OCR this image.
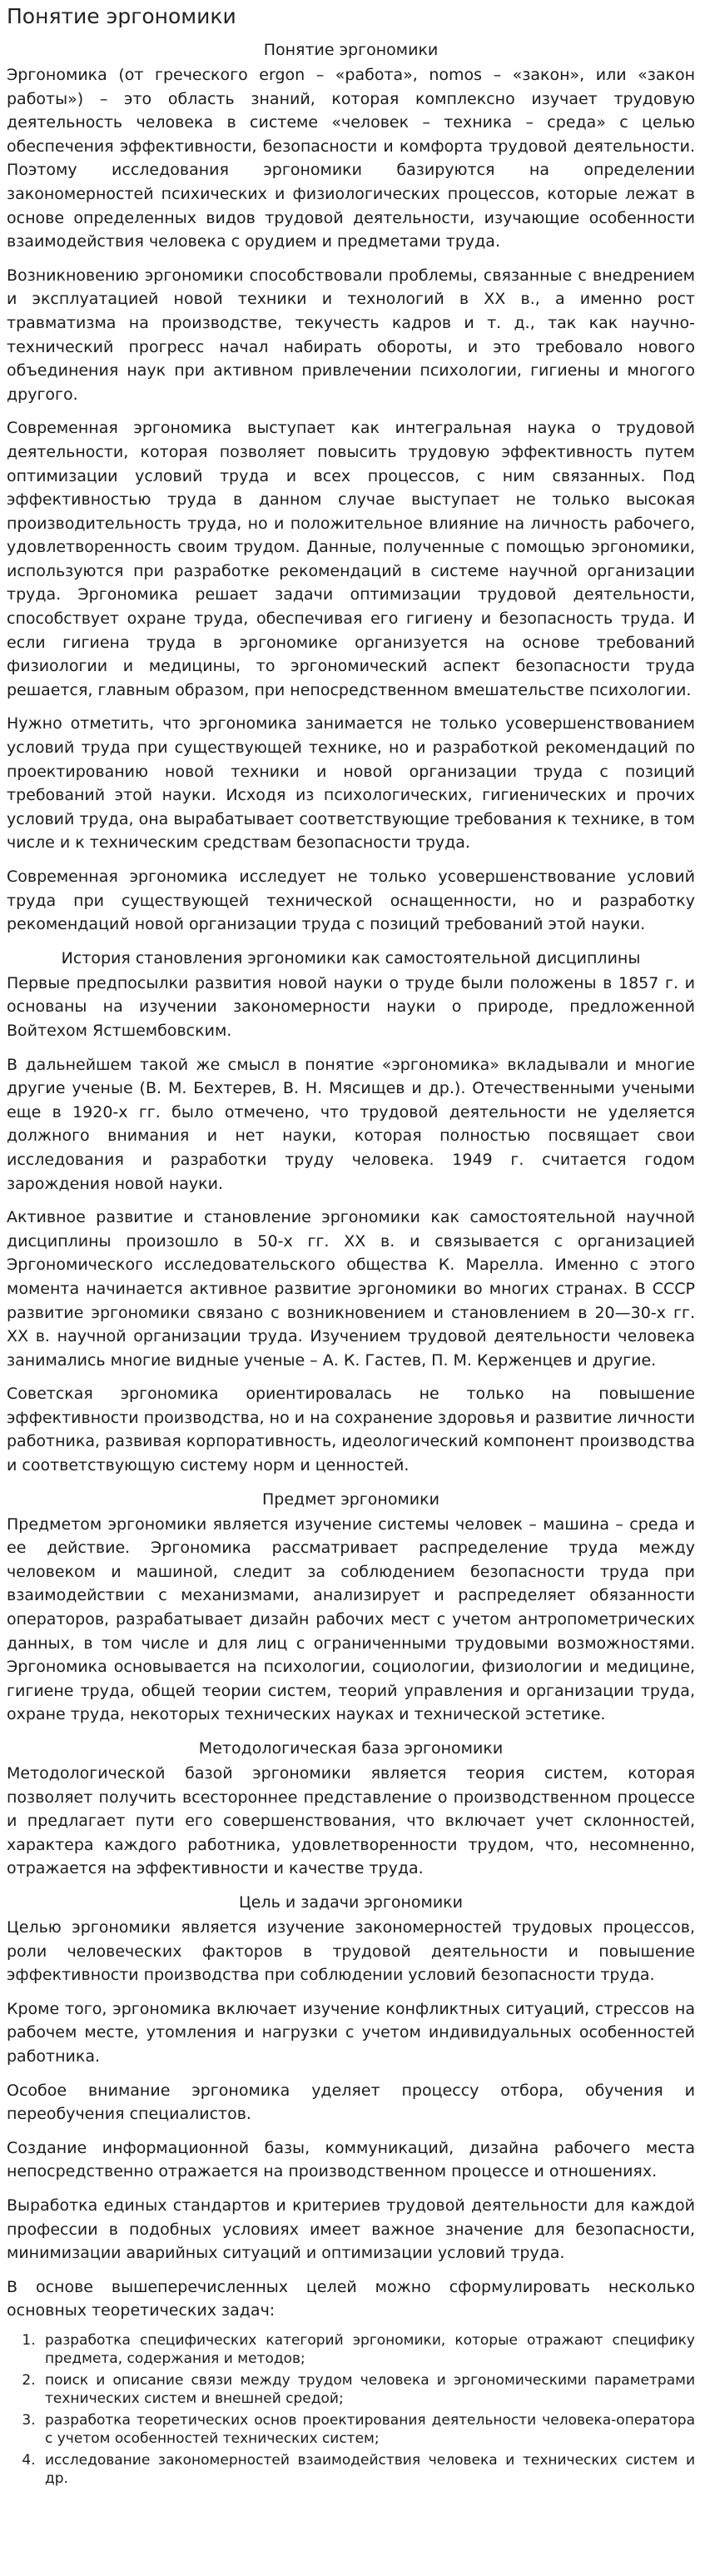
Понятие эргономики
Понятие эргономики

Эргономика (от греческого ergon – «работа», nomos – «закон», или «закон работы») – это область знаний, которая комплексно изучает трудовую деятельность человека в системе «человек – техника – среда» с целью обеспечения эффективности, безопасности и комфорта трудовой деятельности. Поэтому исследования эргономики базируются на определении закономерностей психических и физиологических процессов, которые лежат в основе определенных видов трудовой деятельности, изучающие особенности взаимодействия человека с орудием и предметами труда.

Возникновению эргономики способствовали проблемы, связанные с внедрением и эксплуатацией новой техники и технологий в XX в., а именно рост травматизма на производстве, текучесть кадров и т. д., так как научно-технический прогресс начал набирать обороты, и это требовало нового объединения наук при активном привлечении психологии, гигиены и многого другого.

Современная эргономика выступает как интегральная наука о трудовой деятельности, которая позволяет повысить трудовую эффективность путем оптимизации условий труда и всех процессов, с ним связанных. Под эффективностью труда в данном случае выступает не только высокая производительность труда, но и положительное влияние на личность рабочего, удовлетворенность своим трудом. Данные, полученные с помощью эргономики, используются при разработке рекомендаций в системе научной организации труда. Эргономика решает задачи оптимизации трудовой деятельности, способствует охране труда, обеспечивая его гигиену и безопасность труда. И если гигиена труда в эргономике организуется на основе требований физиологии и медицины, то эргономический аспект безопасности труда решается, главным образом, при непосредственном вмешательстве психологии.

Нужно отметить, что эргономика занимается не только усовершенствованием условий труда при существующей технике, но и разработкой рекомендаций по проектированию новой техники и новой организации труда с позиций требований этой науки. Исходя из психологических, гигиенических и прочих условий труда, она вырабатывает соответствующие требования к технике, в том числе и к техническим средствам безопасности труда.

Современная эргономика исследует не только усовершенствование условий труда при существующей технической оснащенности, но и разработку рекомендаций новой организации труда с позиций требований этой науки.

История становления эргономики как самостоятельной дисциплины

Первые предпосылки развития новой науки о труде были положены в 1857 г. и основаны на изучении закономерности науки о природе, предложенной Войтехом Ястшембовским.

В дальнейшем такой же смысл в понятие «эргономика» вкладывали и многие другие ученые (В. М. Бехтерев, В. Н. Мясищев и др.). Отечественными учеными еще в 1920-х гг. было отмечено, что трудовой деятельности не уделяется должного внимания и нет науки, которая полностью посвящает свои исследования и разработки труду человека. 1949 г. считается годом зарождения новой науки.

Активное развитие и становление эргономики как самостоятельной научной дисциплины произошло в 50-х гг. XX в. и связывается с организацией Эргономического исследовательского общества К. Марелла. Именно с этого момента начинается активное развитие эргономики во многих странах. В СССР развитие эргономики связано с возникновением и становлением в 20—30-х гг. XX в. научной организации труда. Изучением трудовой деятельности человека занимались многие видные ученые – А. К. Гастев, П. М. Керженцев и другие.

Советская эргономика ориентировалась не только на повышение эффективности производства, но и на сохранение здоровья и развитие личности работника, развивая корпоративность, идеологический компонент производства и соответствующую систему норм и ценностей.

Предмет эргономики

Предметом эргономики является изучение системы человек – машина – среда и ее действие. Эргономика рассматривает распределение труда между человеком и машиной, следит за соблюдением безопасности труда при взаимодействии с механизмами, анализирует и распределяет обязанности операторов, разрабатывает дизайн рабочих мест с учетом антропометрических данных, в том числе и для лиц с ограниченными трудовыми возможностями. Эргономика основывается на психологии, социологии, физиологии и медицине, гигиене труда, общей теории систем, теорий управления и организации труда, охране труда, некоторых технических науках и технической эстетике.

Методологическая база эргономики

Методологической базой эргономики является теория систем, которая позволяет получить всестороннее представление о производственном процессе и предлагает пути его совершенствования, что включает учет склонностей, характера каждого работника, удовлетворенности трудом, что, несомненно, отражается на эффективности и качестве труда.

Цель и задачи эргономики

Целью эргономики является изучение закономерностей трудовых процессов, роли человеческих факторов в трудовой деятельности и повышение эффективности производства при соблюдении условий безопасности труда.

Кроме того, эргономика включает изучение конфликтных ситуаций, стрессов на рабочем месте, утомления и нагрузки с учетом индивидуальных особенностей работника.

Особое внимание эргономика уделяет процессу отбора, обучения и переобучения специалистов.

Создание информационной базы, коммуникаций, дизайна рабочего места непосредственно отражается на производственном процессе и отношениях.

Выработка единых стандартов и критериев трудовой деятельности для каждой профессии в подобных условиях имеет важное значение для безопасности, минимизации аварийных ситуаций и оптимизации условий труда.

В основе вышеперечисленных целей можно сформулировать несколько основных теоретических задач:

1. разработка специфических категорий эргономики, которые отражают специфику предмета, содержания и методов;
2. поиск и описание связи между трудом человека и эргономическими параметрами технических систем и внешней средой;
3. разработка теоретических основ проектирования деятельности человека-оператора с учетом особенностей технических систем;
4. исследование закономерностей взаимодействия человека и технических систем и др.
